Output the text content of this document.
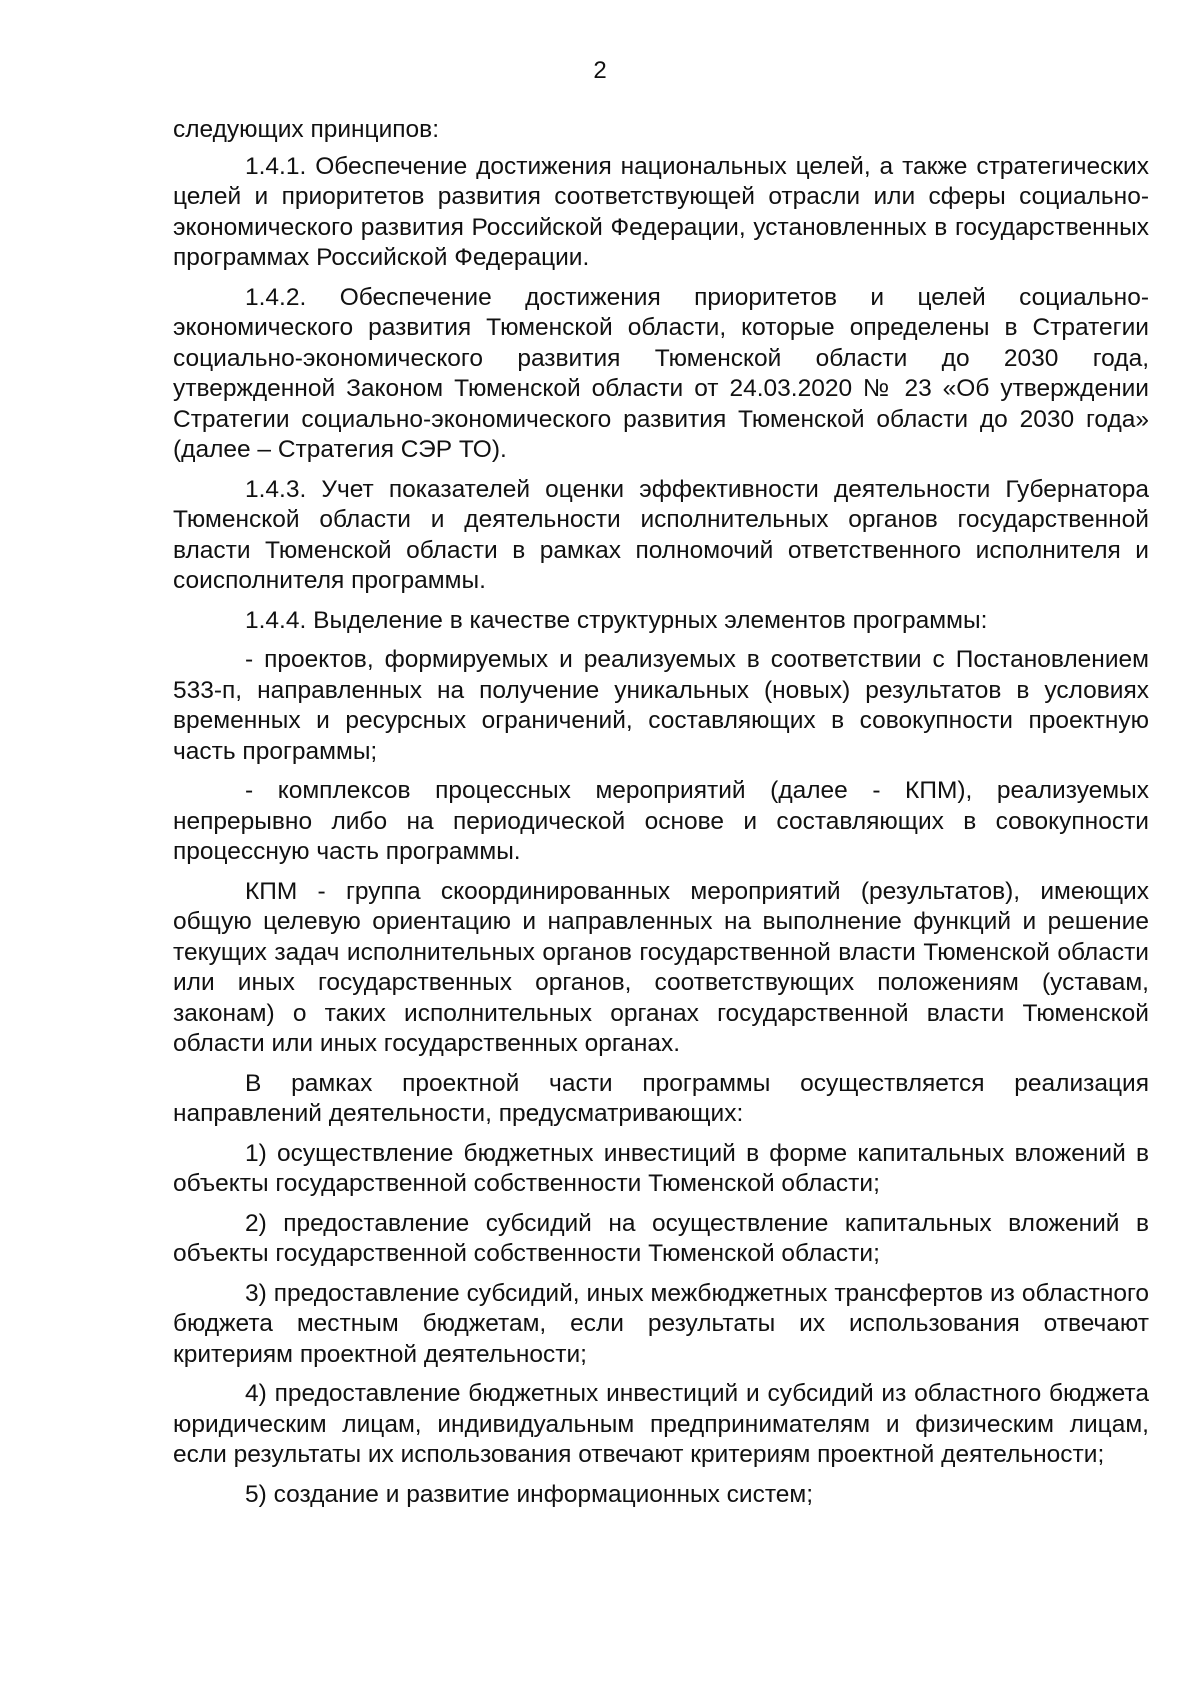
2

следующих принципов:

1.4.1. Обеспечение достижения национальных целей, а также стратегических целей и приоритетов развития соответствующей отрасли или сферы социально-экономического развития Российской Федерации, установленных в государственных программах Российской Федерации.

1.4.2. Обеспечение достижения приоритетов и целей социально-экономического развития Тюменской области, которые определены в Стратегии социально-экономического развития Тюменской области до 2030 года, утвержденной Законом Тюменской области от 24.03.2020 № 23 «Об утверждении Стратегии социально-экономического развития Тюменской области до 2030 года» (далее – Стратегия СЭР ТО).

1.4.3. Учет показателей оценки эффективности деятельности Губернатора Тюменской области и деятельности исполнительных органов государственной власти Тюменской области в рамках полномочий ответственного исполнителя и соисполнителя программы.

1.4.4. Выделение в качестве структурных элементов программы:

- проектов, формируемых и реализуемых в соответствии с Постановлением 533-п, направленных на получение уникальных (новых) результатов в условиях временных и ресурсных ограничений, составляющих в совокупности проектную часть программы;

- комплексов процессных мероприятий (далее - КПМ), реализуемых непрерывно либо на периодической основе и составляющих в совокупности процессную часть программы.

КПМ - группа скоординированных мероприятий (результатов), имеющих общую целевую ориентацию и направленных на выполнение функций и решение текущих задач исполнительных органов государственной власти Тюменской области или иных государственных органов, соответствующих положениям (уставам, законам) о таких исполнительных органах государственной власти Тюменской области или иных государственных органах.

В рамках проектной части программы осуществляется реализация направлений деятельности, предусматривающих:

1) осуществление бюджетных инвестиций в форме капитальных вложений в объекты государственной собственности Тюменской области;

2) предоставление субсидий на осуществление капитальных вложений в объекты государственной собственности Тюменской области;

3) предоставление субсидий, иных межбюджетных трансфертов из областного бюджета местным бюджетам, если результаты их использования отвечают критериям проектной деятельности;

4) предоставление бюджетных инвестиций и субсидий из областного бюджета юридическим лицам, индивидуальным предпринимателям и физическим лицам, если результаты их использования отвечают критериям проектной деятельности;

5) создание и развитие информационных систем;
